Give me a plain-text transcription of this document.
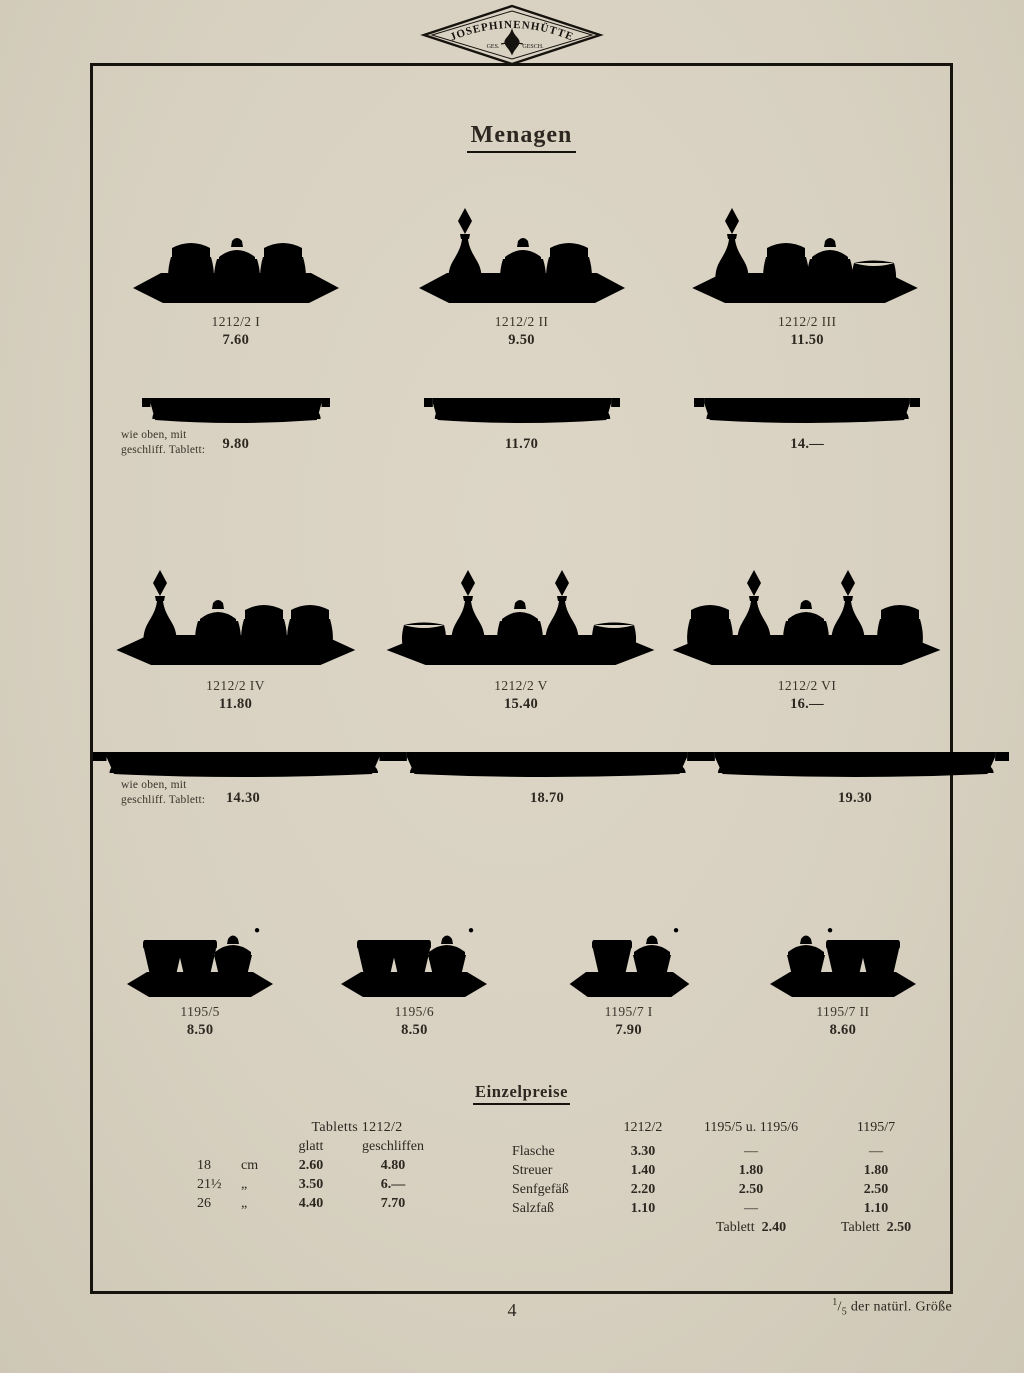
JOSEPHINENHÜTTE
GES.	GESCH.
Menagen
1212/2 I
7.60
1212/2 II
9.50
1212/2 III
11.50
wie oben, mit
geschliff. Tablett: 9.80	11.70	14.—
1212/2 IV
11.80
1212/2 V
15.40
1212/2 VI
16.—
wie oben, mit
geschliff. Tablett: 14.30	18.70	19.30
1195/5
8.50
1195/6
8.50
1195/7 I
7.90
1195/7 II
8.60
Einzelpreise
		Tabletts 1212/2	
		glatt	geschliffen
18	cm	2.60	4.80
21½	„	3.50	6.—
26	„	4.40	7.70
	1212/2	1195/5 u. 1195/6	1195/7
Flasche	3.30	—	—
Streuer	1.40	1.80	1.80
Senfgefäß	2.20	2.50	2.50
Salzfaß	1.10	—	1.10
		Tablett 2.40	Tablett 2.50
$^1/_5$ der natürl. Größe
4
